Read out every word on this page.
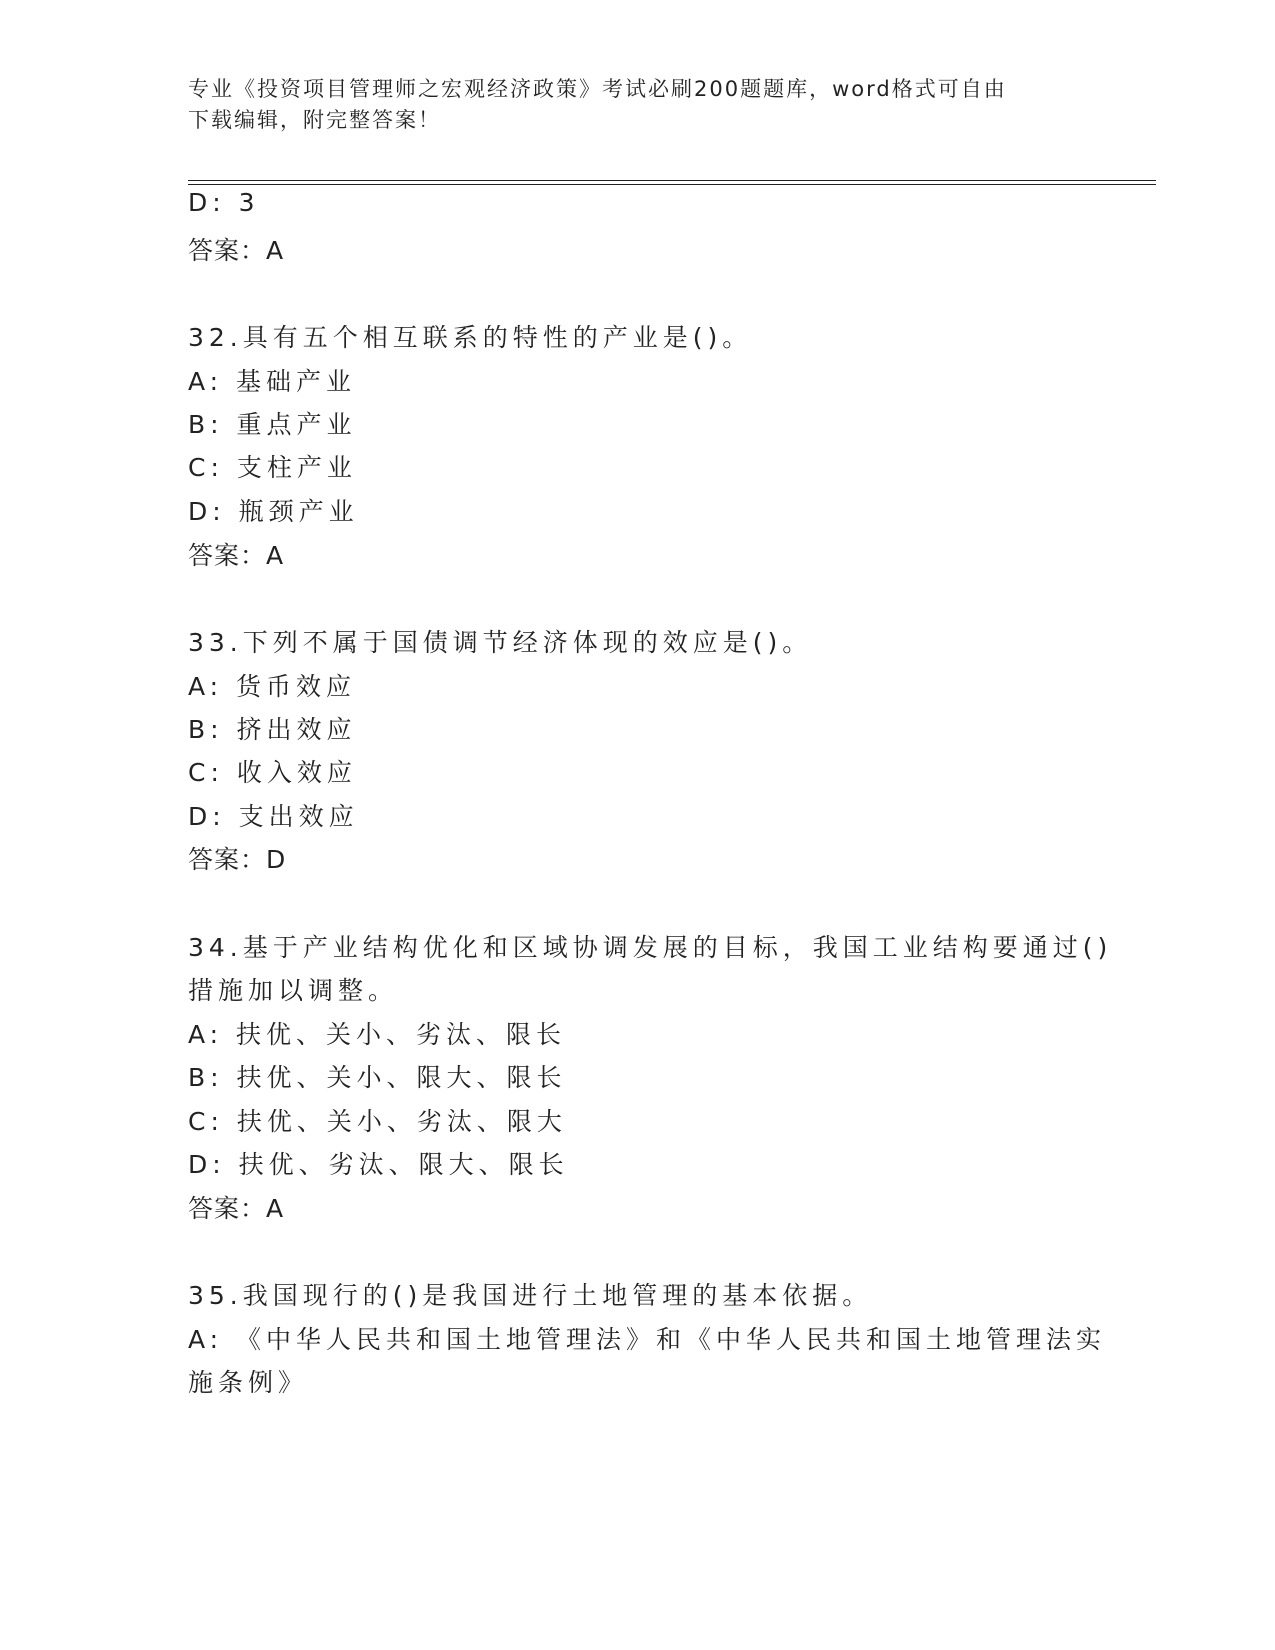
专业《投资项目管理师之宏观经济政策》考试必刷200题题库，word格式可自由
下载编辑，附完整答案！
D: 3
答案：A
32.具有五个相互联系的特性的产业是()。
A: 基础产业
B: 重点产业
C: 支柱产业
D: 瓶颈产业
答案：A
33.下列不属于国债调节经济体现的效应是()。
A: 货币效应
B: 挤出效应
C: 收入效应
D: 支出效应
答案：D
34.基于产业结构优化和区域协调发展的目标，我国工业结构要通过()
措施加以调整。
A: 扶优、关小、劣汰、限长
B: 扶优、关小、限大、限长
C: 扶优、关小、劣汰、限大
D: 扶优、劣汰、限大、限长
答案：A
35.我国现行的()是我国进行土地管理的基本依据。
A: 《中华人民共和国土地管理法》和《中华人民共和国土地管理法实
施条例》
